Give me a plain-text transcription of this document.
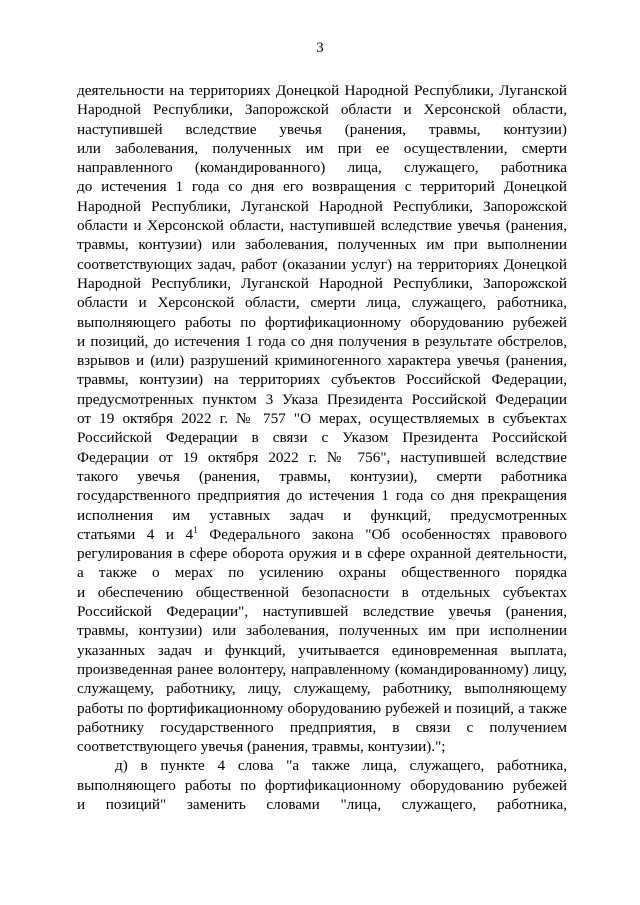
3
деятельности на территориях Донецкой Народной Республики, Луганской
Народной Республики, Запорожской области и Херсонской области,
наступившей вследствие увечья (ранения, травмы, контузии)
или заболевания, полученных им при ее осуществлении, смерти
направленного (командированного) лица, служащего, работника
до истечения 1 года со дня его возвращения с территорий Донецкой
Народной Республики, Луганской Народной Республики, Запорожской
области и Херсонской области, наступившей вследствие увечья (ранения,
травмы, контузии) или заболевания, полученных им при выполнении
соответствующих задач, работ (оказании услуг) на территориях Донецкой
Народной Республики, Луганской Народной Республики, Запорожской
области и Херсонской области, смерти лица, служащего, работника,
выполняющего работы по фортификационному оборудованию рубежей
и позиций, до истечения 1 года со дня получения в результате обстрелов,
взрывов и (или) разрушений криминогенного характера увечья (ранения,
травмы, контузии) на территориях субъектов Российской Федерации,
предусмотренных пунктом 3 Указа Президента Российской Федерации
от 19 октября 2022 г. № 757 "О мерах, осуществляемых в субъектах
Российской Федерации в связи с Указом Президента Российской
Федерации от 19 октября 2022 г. № 756", наступившей вследствие
такого увечья (ранения, травмы, контузии), смерти работника
государственного предприятия до истечения 1 года со дня прекращения
исполнения им уставных задач и функций, предусмотренных
статьями 4 и $4^1$ Федерального закона "Об особенностях правового
регулирования в сфере оборота оружия и в сфере охранной деятельности,
а также о мерах по усилению охраны общественного порядка
и обеспечению общественной безопасности в отдельных субъектах
Российской Федерации", наступившей вследствие увечья (ранения,
травмы, контузии) или заболевания, полученных им при исполнении
указанных задач и функций, учитывается единовременная выплата,
произведенная ранее волонтеру, направленному (командированному) лицу,
служащему, работнику, лицу, служащему, работнику, выполняющему
работы по фортификационному оборудованию рубежей и позиций, а также
работнику государственного предприятия, в связи с получением
соответствующего увечья (ранения, травмы, контузии).";
д) в пункте 4 слова "а также лица, служащего, работника,
выполняющего работы по фортификационному оборудованию рубежей
и позиций" заменить словами "лица, служащего, работника,
